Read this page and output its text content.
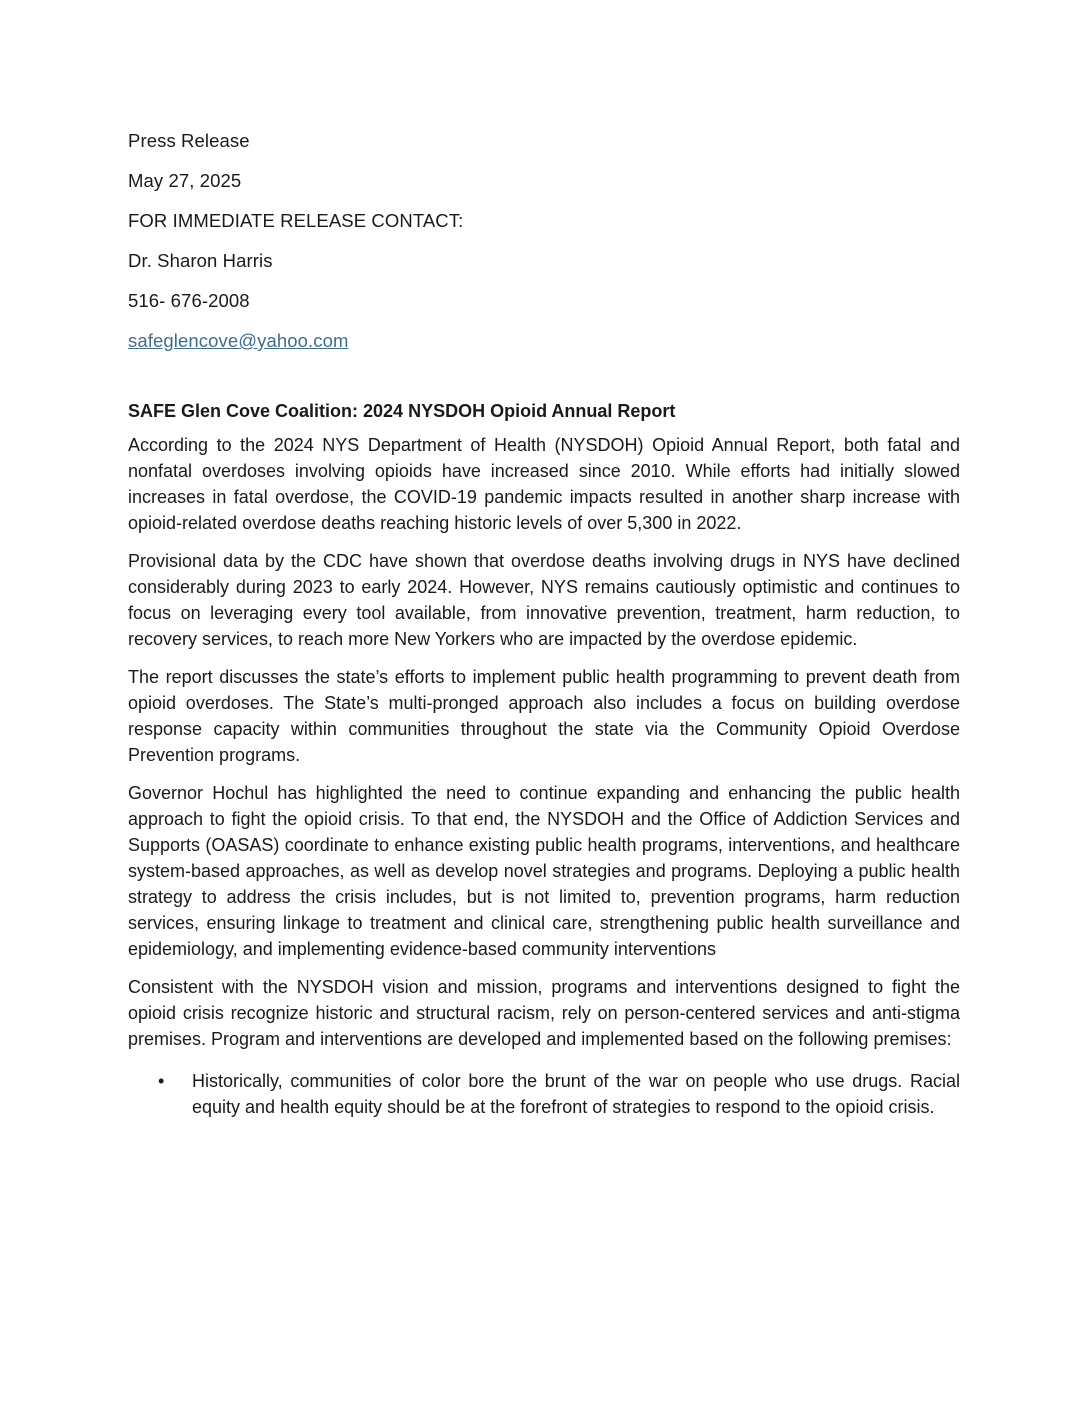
Press Release
May 27, 2025
FOR IMMEDIATE RELEASE CONTACT:
Dr. Sharon Harris
516- 676-2008
safeglencove@yahoo.com
SAFE Glen Cove Coalition: 2024 NYSDOH Opioid Annual Report

According to the 2024 NYS Department of Health (NYSDOH) Opioid Annual Report, both fatal and nonfatal overdoses involving opioids have increased since 2010. While efforts had initially slowed increases in fatal overdose, the COVID-19 pandemic impacts resulted in another sharp increase with opioid-related overdose deaths reaching historic levels of over 5,300 in 2022.

Provisional data by the CDC have shown that overdose deaths involving drugs in NYS have declined considerably during 2023 to early 2024. However, NYS remains cautiously optimistic and continues to focus on leveraging every tool available, from innovative prevention, treatment, harm reduction, to recovery services, to reach more New Yorkers who are impacted by the overdose epidemic.

The report discusses the state’s efforts to implement public health programming to prevent death from opioid overdoses. The State’s multi-pronged approach also includes a focus on building overdose response capacity within communities throughout the state via the Community Opioid Overdose Prevention programs.

Governor Hochul has highlighted the need to continue expanding and enhancing the public health approach to fight the opioid crisis. To that end, the NYSDOH and the Office of Addiction Services and Supports (OASAS) coordinate to enhance existing public health programs, interventions, and healthcare system-based approaches, as well as develop novel strategies and programs. Deploying a public health strategy to address the crisis includes, but is not limited to, prevention programs, harm reduction services, ensuring linkage to treatment and clinical care, strengthening public health surveillance and epidemiology, and implementing evidence-based community interventions

Consistent with the NYSDOH vision and mission, programs and interventions designed to fight the opioid crisis recognize historic and structural racism, rely on person-centered services and anti-stigma premises. Program and interventions are developed and implemented based on the following premises:

• Historically, communities of color bore the brunt of the war on people who use drugs. Racial equity and health equity should be at the forefront of strategies to respond to the opioid crisis.
